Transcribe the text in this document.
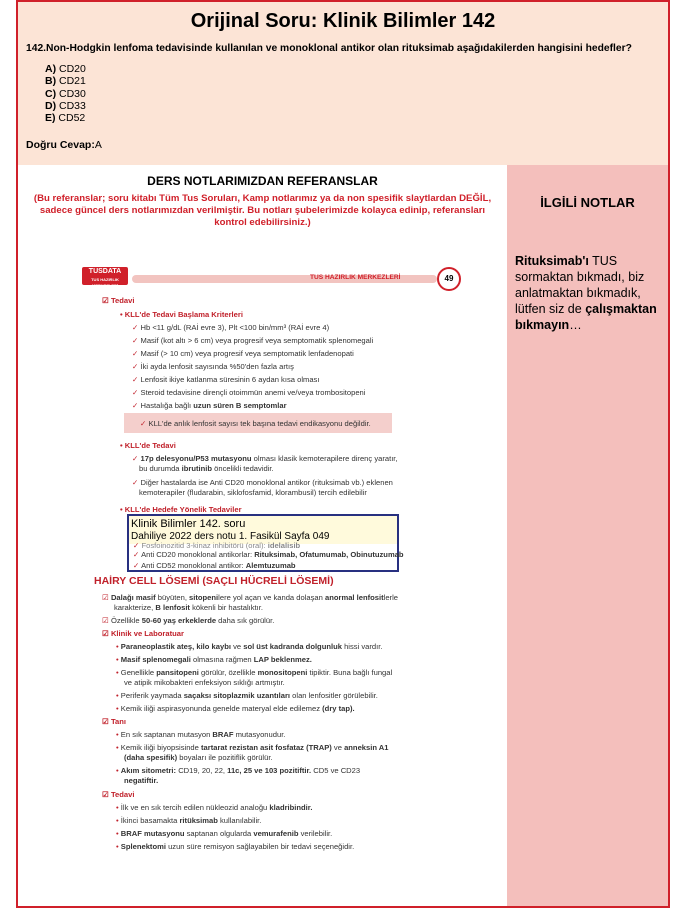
Orijinal Soru: Klinik Bilimler 142
142.Non-Hodgkin lenfoma tedavisinde kullanılan ve monoklonal antikor olan rituksimab aşağıdakilerden hangisini hedefler?
A) CD20
B) CD21
C) CD30
D) CD33
E) CD52
Doğru Cevap:A
DERS NOTLARIMIZDAN REFERANSLAR
(Bu referanslar; soru kitabı Tüm Tus Soruları, Kamp notlarımız ya da non spesifik slaytlardan DEĞİL, sadece güncel ders notlarımızdan verilmiştir. Bu notları şubelerimizde kolayca edinip, referansları kontrol edebilirsiniz.)
İLGİLİ NOTLAR
Rituksimab'ı TUS sormaktan bıkmadı, biz anlatmaktan bıkmadık, lütfen siz de çalışmaktan bıkmayın…
TUSDATA
TUS HAZIRLIK MERKEZLERİ
TUS HAZIRLIK MERKEZLERİ	49
☑ Tedavi
• KLL'de Tedavi Başlama Kriterleri
✓ Hb <11 g/dL (RAİ evre 3), Plt <100 bin/mm³ (RAİ evre 4)
✓ Masif (kot altı > 6 cm) veya progresif veya semptomatik splenomegali
✓ Masif (> 10 cm) veya progresif veya semptomatik lenfadenopati
✓ İki ayda lenfosit sayısında %50'den fazla artış
✓ Lenfosit ikiye katlanma süresinin 6 aydan kısa olması
✓ Steroid tedavisine dirençli otoimmün anemi ve/veya trombositopeni
✓ Hastalığa bağlı uzun süren B semptomlar
✓ KLL'de anlık lenfosit sayısı tek başına tedavi endikasyonu değildir.
• KLL'de Tedavi
✓ 17p delesyonu/P53 mutasyonu olması klasik kemoterapilere direnç yaratır,
bu durumda ibrutinib öncelikli tedavidir.
✓ Diğer hastalarda ise Anti CD20 monoklonal antikor (rituksimab vb.) eklenen
kemoterapiler (fludarabin, siklofosfamid, klorambusil) tercih edilebilir
• KLL'de Hedefe Yönelik Tedaviler
HAİRY CELL LÖSEMİ (SAÇLI HÜCRELİ LÖSEMİ)
☑ Dalağı masif büyüten, sitopenilere yol açan ve kanda dolaşan anormal lenfositlerle
karakterize, B lenfosit kökenli bir hastalıktır.
☑ Özellikle 50-60 yaş erkeklerde daha sık görülür.
☑ Klinik ve Laboratuar
• Paraneoplastik ateş, kilo kaybı ve sol üst kadranda dolgunluk hissi vardır.
• Masif splenomegali olmasına rağmen LAP beklenmez.
• Genellikle pansitopeni görülür, özellikle monositopeni tipiktir. Buna bağlı fungal
ve atipik mikobakteri enfeksiyon sıklığı artmıştır.
• Periferik yaymada saçaksı sitoplazmik uzantıları olan lenfositler görülebilir.
• Kemik iliği aspirasyonunda genelde materyal elde edilemez (dry tap).
☑ Tanı
• En sık saptanan mutasyon BRAF mutasyonudur.
• Kemik iliği biyopsisinde tartarat rezistan asit fosfataz (TRAP) ve anneksin A1
(daha spesifik) boyaları ile pozitiflik görülür.
• Akım sitometri: CD19, 20, 22, 11c, 25 ve 103 pozitiftir. CD5 ve CD23
negatiftir.
☑ Tedavi
• İlk ve en sık tercih edilen nükleozid analoğu kladribindir.
• İkinci basamakta ritüksimab kullanılabilir.
• BRAF mutasyonu saptanan olgularda vemurafenib verilebilir.
• Splenektomi uzun süre remisyon sağlayabilen bir tedavi seçeneğidir.
Klinik Bilimler 142. soru
Dahiliye 2022 ders notu 1. Fasikül Sayfa 049
✓ Fosfoinozitid 3-kinaz inhibitörü (oral): idelalisib
✓ Anti CD20 monoklonal antikorlar: Rituksimab, Ofatumumab, Obinutuzumab
✓ Anti CD52 monoklonal antikor: Alemtuzumab
